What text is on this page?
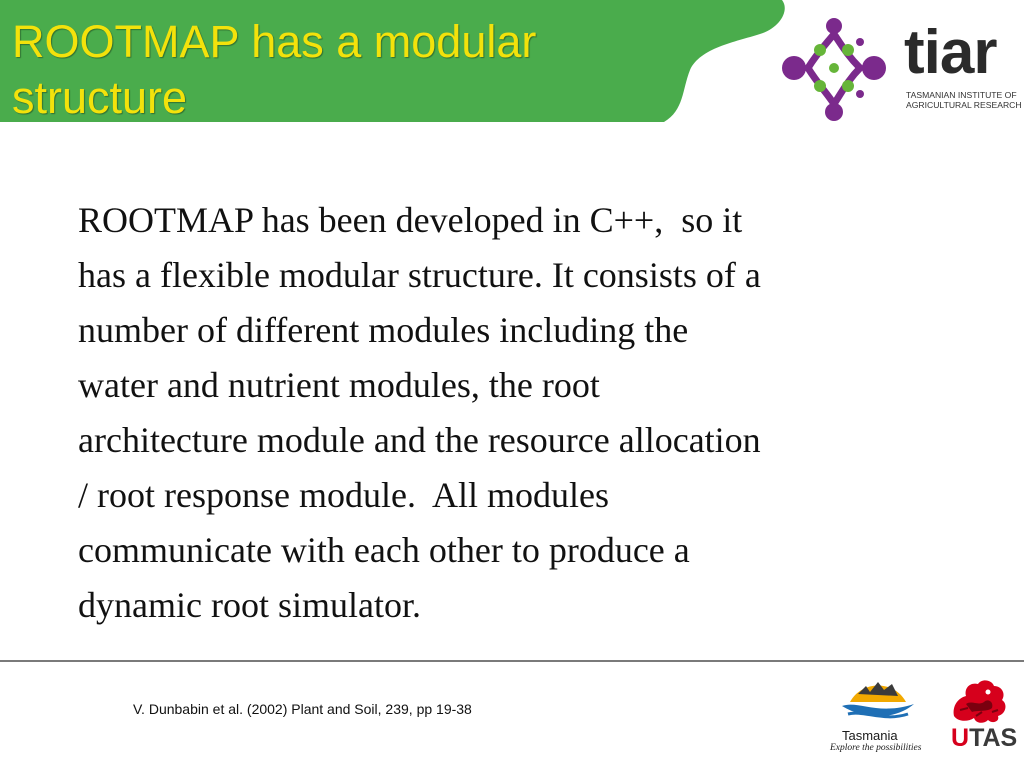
ROOTMAP has a modular structure
tiar
TASMANIAN INSTITUTE OF
AGRICULTURAL RESEARCH

ROOTMAP has been developed in C++,  so it
has a flexible modular structure. It consists of a
number of different modules including the
water and nutrient modules, the root
architecture module and the resource allocation
/ root response module.  All modules
communicate with each other to produce a
dynamic root simulator.

V. Dunbabin et al. (2002) Plant and Soil, 239, pp 19-38
Tasmania
Explore the possibilities UTAS
